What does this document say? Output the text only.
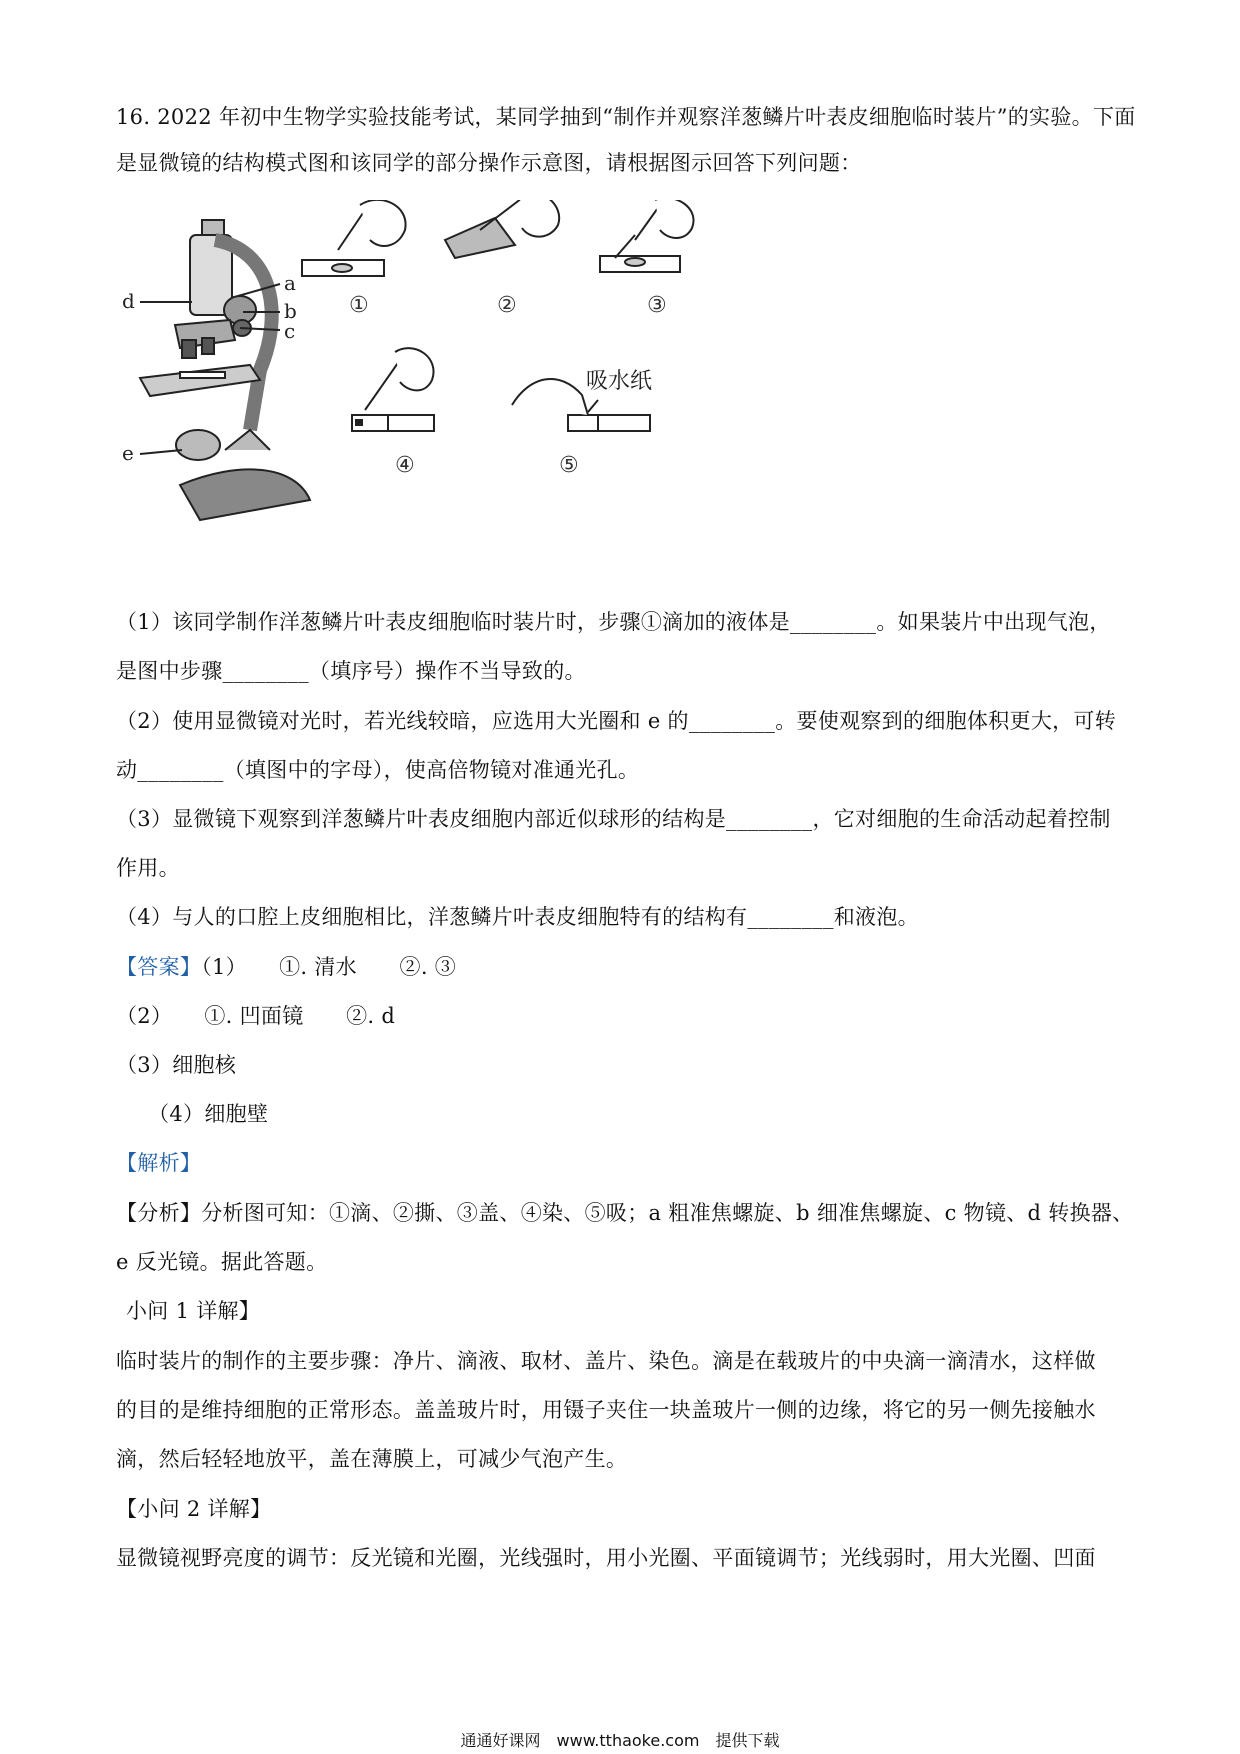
16. 2022 年初中生物学实验技能考试，某同学抽到“制作并观察洋葱鳞片叶表皮细胞临时装片”的实验。下面
是显微镜的结构模式图和该同学的部分操作示意图，请根据图示回答下列问题：
a
b
c
d
e
①	②	③
④
吸水纸
⑤
（1）该同学制作洋葱鳞片叶表皮细胞临时装片时，步骤①滴加的液体是________。如果装片中出现气泡，
是图中步骤________（填序号）操作不当导致的。
（2）使用显微镜对光时，若光线较暗，应选用大光圈和 e 的________。要使观察到的细胞体积更大，可转
动________（填图中的字母），使高倍物镜对准通光孔。
（3）显微镜下观察到洋葱鳞片叶表皮细胞内部近似球形的结构是________，它对细胞的生命活动起着控制
作用。
（4）与人的口腔上皮细胞相比，洋葱鳞片叶表皮细胞特有的结构有________和液泡。
【答案】（1）　　①. 清水　　②. ③
（2）　　①. 凹面镜　　②. d
（3）细胞核
　　（4）细胞壁
【解析】
【分析】分析图可知：①滴、②撕、③盖、④染、⑤吸；a 粗准焦螺旋、b 细准焦螺旋、c 物镜、d 转换器、
e 反光镜。据此答题。
小问 1 详解】
临时装片的制作的主要步骤：净片、滴液、取材、盖片、染色。滴是在载玻片的中央滴一滴清水，这样做
的目的是维持细胞的正常形态。盖盖玻片时，用镊子夹住一块盖玻片一侧的边缘，将它的另一侧先接触水
滴，然后轻轻地放平，盖在薄膜上，可减少气泡产生。
【小问 2 详解】
显微镜视野亮度的调节：反光镜和光圈，光线强时，用小光圈、平面镜调节；光线弱时，用大光圈、凹面
通通好课网　www.tthaoke.com　提供下载
